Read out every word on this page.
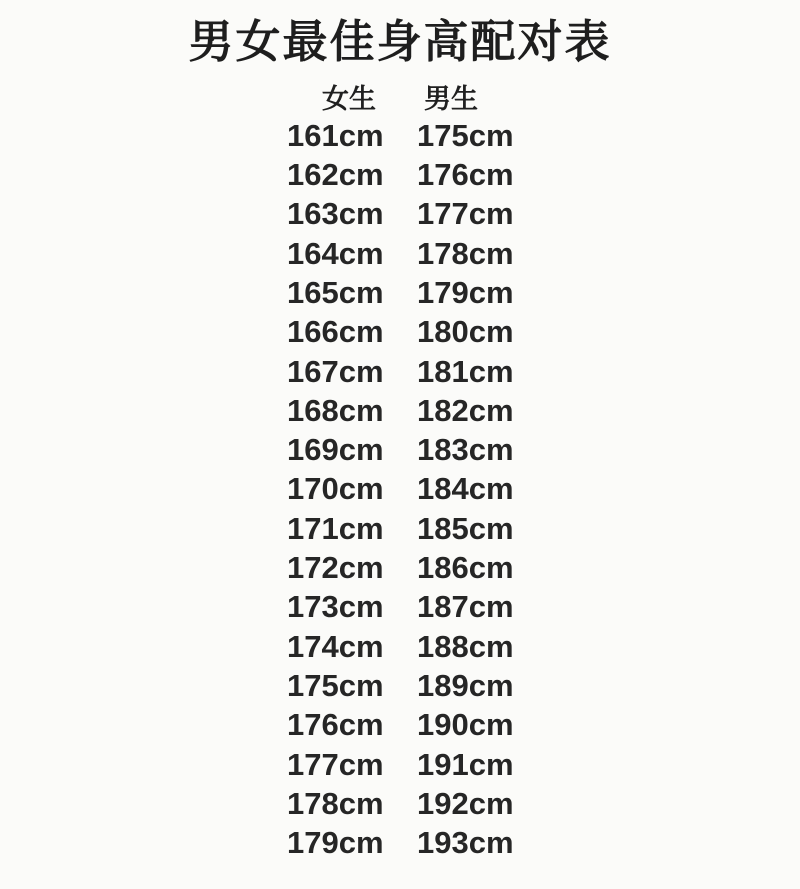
男女最佳身高配对表
女生	男生
161cm 175cm
162cm 176cm
163cm 177cm
164cm 178cm
165cm 179cm
166cm 180cm
167cm 181cm
168cm 182cm
169cm 183cm
170cm 184cm
171cm 185cm
172cm 186cm
173cm 187cm
174cm 188cm
175cm 189cm
176cm 190cm
177cm 191cm
178cm 192cm
179cm 193cm
